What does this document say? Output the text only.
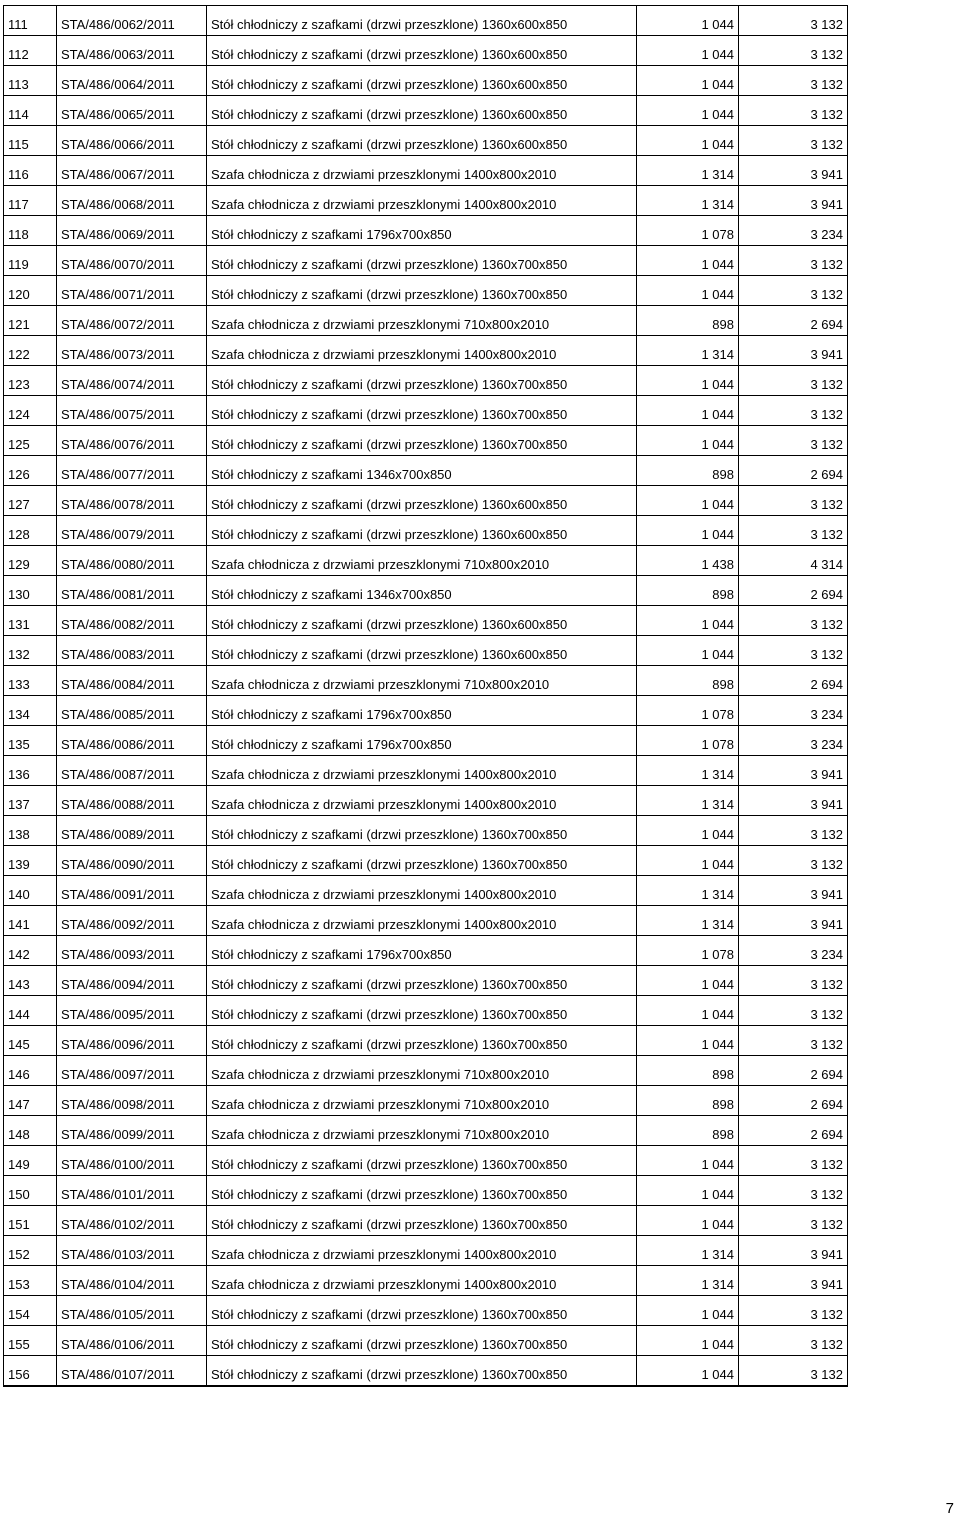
111	STA/486/0062/2011	Stół chłodniczy z szafkami (drzwi przeszklone) 1360x600x850	1 044	3 132
112	STA/486/0063/2011	Stół chłodniczy z szafkami (drzwi przeszklone) 1360x600x850	1 044	3 132
113	STA/486/0064/2011	Stół chłodniczy z szafkami (drzwi przeszklone) 1360x600x850	1 044	3 132
114	STA/486/0065/2011	Stół chłodniczy z szafkami (drzwi przeszklone) 1360x600x850	1 044	3 132
115	STA/486/0066/2011	Stół chłodniczy z szafkami (drzwi przeszklone) 1360x600x850	1 044	3 132
116	STA/486/0067/2011	Szafa chłodnicza z drzwiami przeszklonymi 1400x800x2010	1 314	3 941
117	STA/486/0068/2011	Szafa chłodnicza z drzwiami przeszklonymi 1400x800x2010	1 314	3 941
118	STA/486/0069/2011	Stół chłodniczy z szafkami 1796x700x850	1 078	3 234
119	STA/486/0070/2011	Stół chłodniczy z szafkami (drzwi przeszklone) 1360x700x850	1 044	3 132
120	STA/486/0071/2011	Stół chłodniczy z szafkami (drzwi przeszklone) 1360x700x850	1 044	3 132
121	STA/486/0072/2011	Szafa chłodnicza z drzwiami przeszklonymi 710x800x2010	898	2 694
122	STA/486/0073/2011	Szafa chłodnicza z drzwiami przeszklonymi 1400x800x2010	1 314	3 941
123	STA/486/0074/2011	Stół chłodniczy z szafkami (drzwi przeszklone) 1360x700x850	1 044	3 132
124	STA/486/0075/2011	Stół chłodniczy z szafkami (drzwi przeszklone) 1360x700x850	1 044	3 132
125	STA/486/0076/2011	Stół chłodniczy z szafkami (drzwi przeszklone) 1360x700x850	1 044	3 132
126	STA/486/0077/2011	Stół chłodniczy z szafkami 1346x700x850	898	2 694
127	STA/486/0078/2011	Stół chłodniczy z szafkami (drzwi przeszklone) 1360x600x850	1 044	3 132
128	STA/486/0079/2011	Stół chłodniczy z szafkami (drzwi przeszklone) 1360x600x850	1 044	3 132
129	STA/486/0080/2011	Szafa chłodnicza z drzwiami przeszklonymi 710x800x2010	1 438	4 314
130	STA/486/0081/2011	Stół chłodniczy z szafkami 1346x700x850	898	2 694
131	STA/486/0082/2011	Stół chłodniczy z szafkami (drzwi przeszklone) 1360x600x850	1 044	3 132
132	STA/486/0083/2011	Stół chłodniczy z szafkami (drzwi przeszklone) 1360x600x850	1 044	3 132
133	STA/486/0084/2011	Szafa chłodnicza z drzwiami przeszklonymi 710x800x2010	898	2 694
134	STA/486/0085/2011	Stół chłodniczy z szafkami 1796x700x850	1 078	3 234
135	STA/486/0086/2011	Stół chłodniczy z szafkami 1796x700x850	1 078	3 234
136	STA/486/0087/2011	Szafa chłodnicza z drzwiami przeszklonymi 1400x800x2010	1 314	3 941
137	STA/486/0088/2011	Szafa chłodnicza z drzwiami przeszklonymi 1400x800x2010	1 314	3 941
138	STA/486/0089/2011	Stół chłodniczy z szafkami (drzwi przeszklone) 1360x700x850	1 044	3 132
139	STA/486/0090/2011	Stół chłodniczy z szafkami (drzwi przeszklone) 1360x700x850	1 044	3 132
140	STA/486/0091/2011	Szafa chłodnicza z drzwiami przeszklonymi 1400x800x2010	1 314	3 941
141	STA/486/0092/2011	Szafa chłodnicza z drzwiami przeszklonymi 1400x800x2010	1 314	3 941
142	STA/486/0093/2011	Stół chłodniczy z szafkami 1796x700x850	1 078	3 234
143	STA/486/0094/2011	Stół chłodniczy z szafkami (drzwi przeszklone) 1360x700x850	1 044	3 132
144	STA/486/0095/2011	Stół chłodniczy z szafkami (drzwi przeszklone) 1360x700x850	1 044	3 132
145	STA/486/0096/2011	Stół chłodniczy z szafkami (drzwi przeszklone) 1360x700x850	1 044	3 132
146	STA/486/0097/2011	Szafa chłodnicza z drzwiami przeszklonymi 710x800x2010	898	2 694
147	STA/486/0098/2011	Szafa chłodnicza z drzwiami przeszklonymi 710x800x2010	898	2 694
148	STA/486/0099/2011	Szafa chłodnicza z drzwiami przeszklonymi 710x800x2010	898	2 694
149	STA/486/0100/2011	Stół chłodniczy z szafkami (drzwi przeszklone) 1360x700x850	1 044	3 132
150	STA/486/0101/2011	Stół chłodniczy z szafkami (drzwi przeszklone) 1360x700x850	1 044	3 132
151	STA/486/0102/2011	Stół chłodniczy z szafkami (drzwi przeszklone) 1360x700x850	1 044	3 132
152	STA/486/0103/2011	Szafa chłodnicza z drzwiami przeszklonymi 1400x800x2010	1 314	3 941
153	STA/486/0104/2011	Szafa chłodnicza z drzwiami przeszklonymi 1400x800x2010	1 314	3 941
154	STA/486/0105/2011	Stół chłodniczy z szafkami (drzwi przeszklone) 1360x700x850	1 044	3 132
155	STA/486/0106/2011	Stół chłodniczy z szafkami (drzwi przeszklone) 1360x700x850	1 044	3 132
156	STA/486/0107/2011	Stół chłodniczy z szafkami (drzwi przeszklone) 1360x700x850	1 044	3 132
7
